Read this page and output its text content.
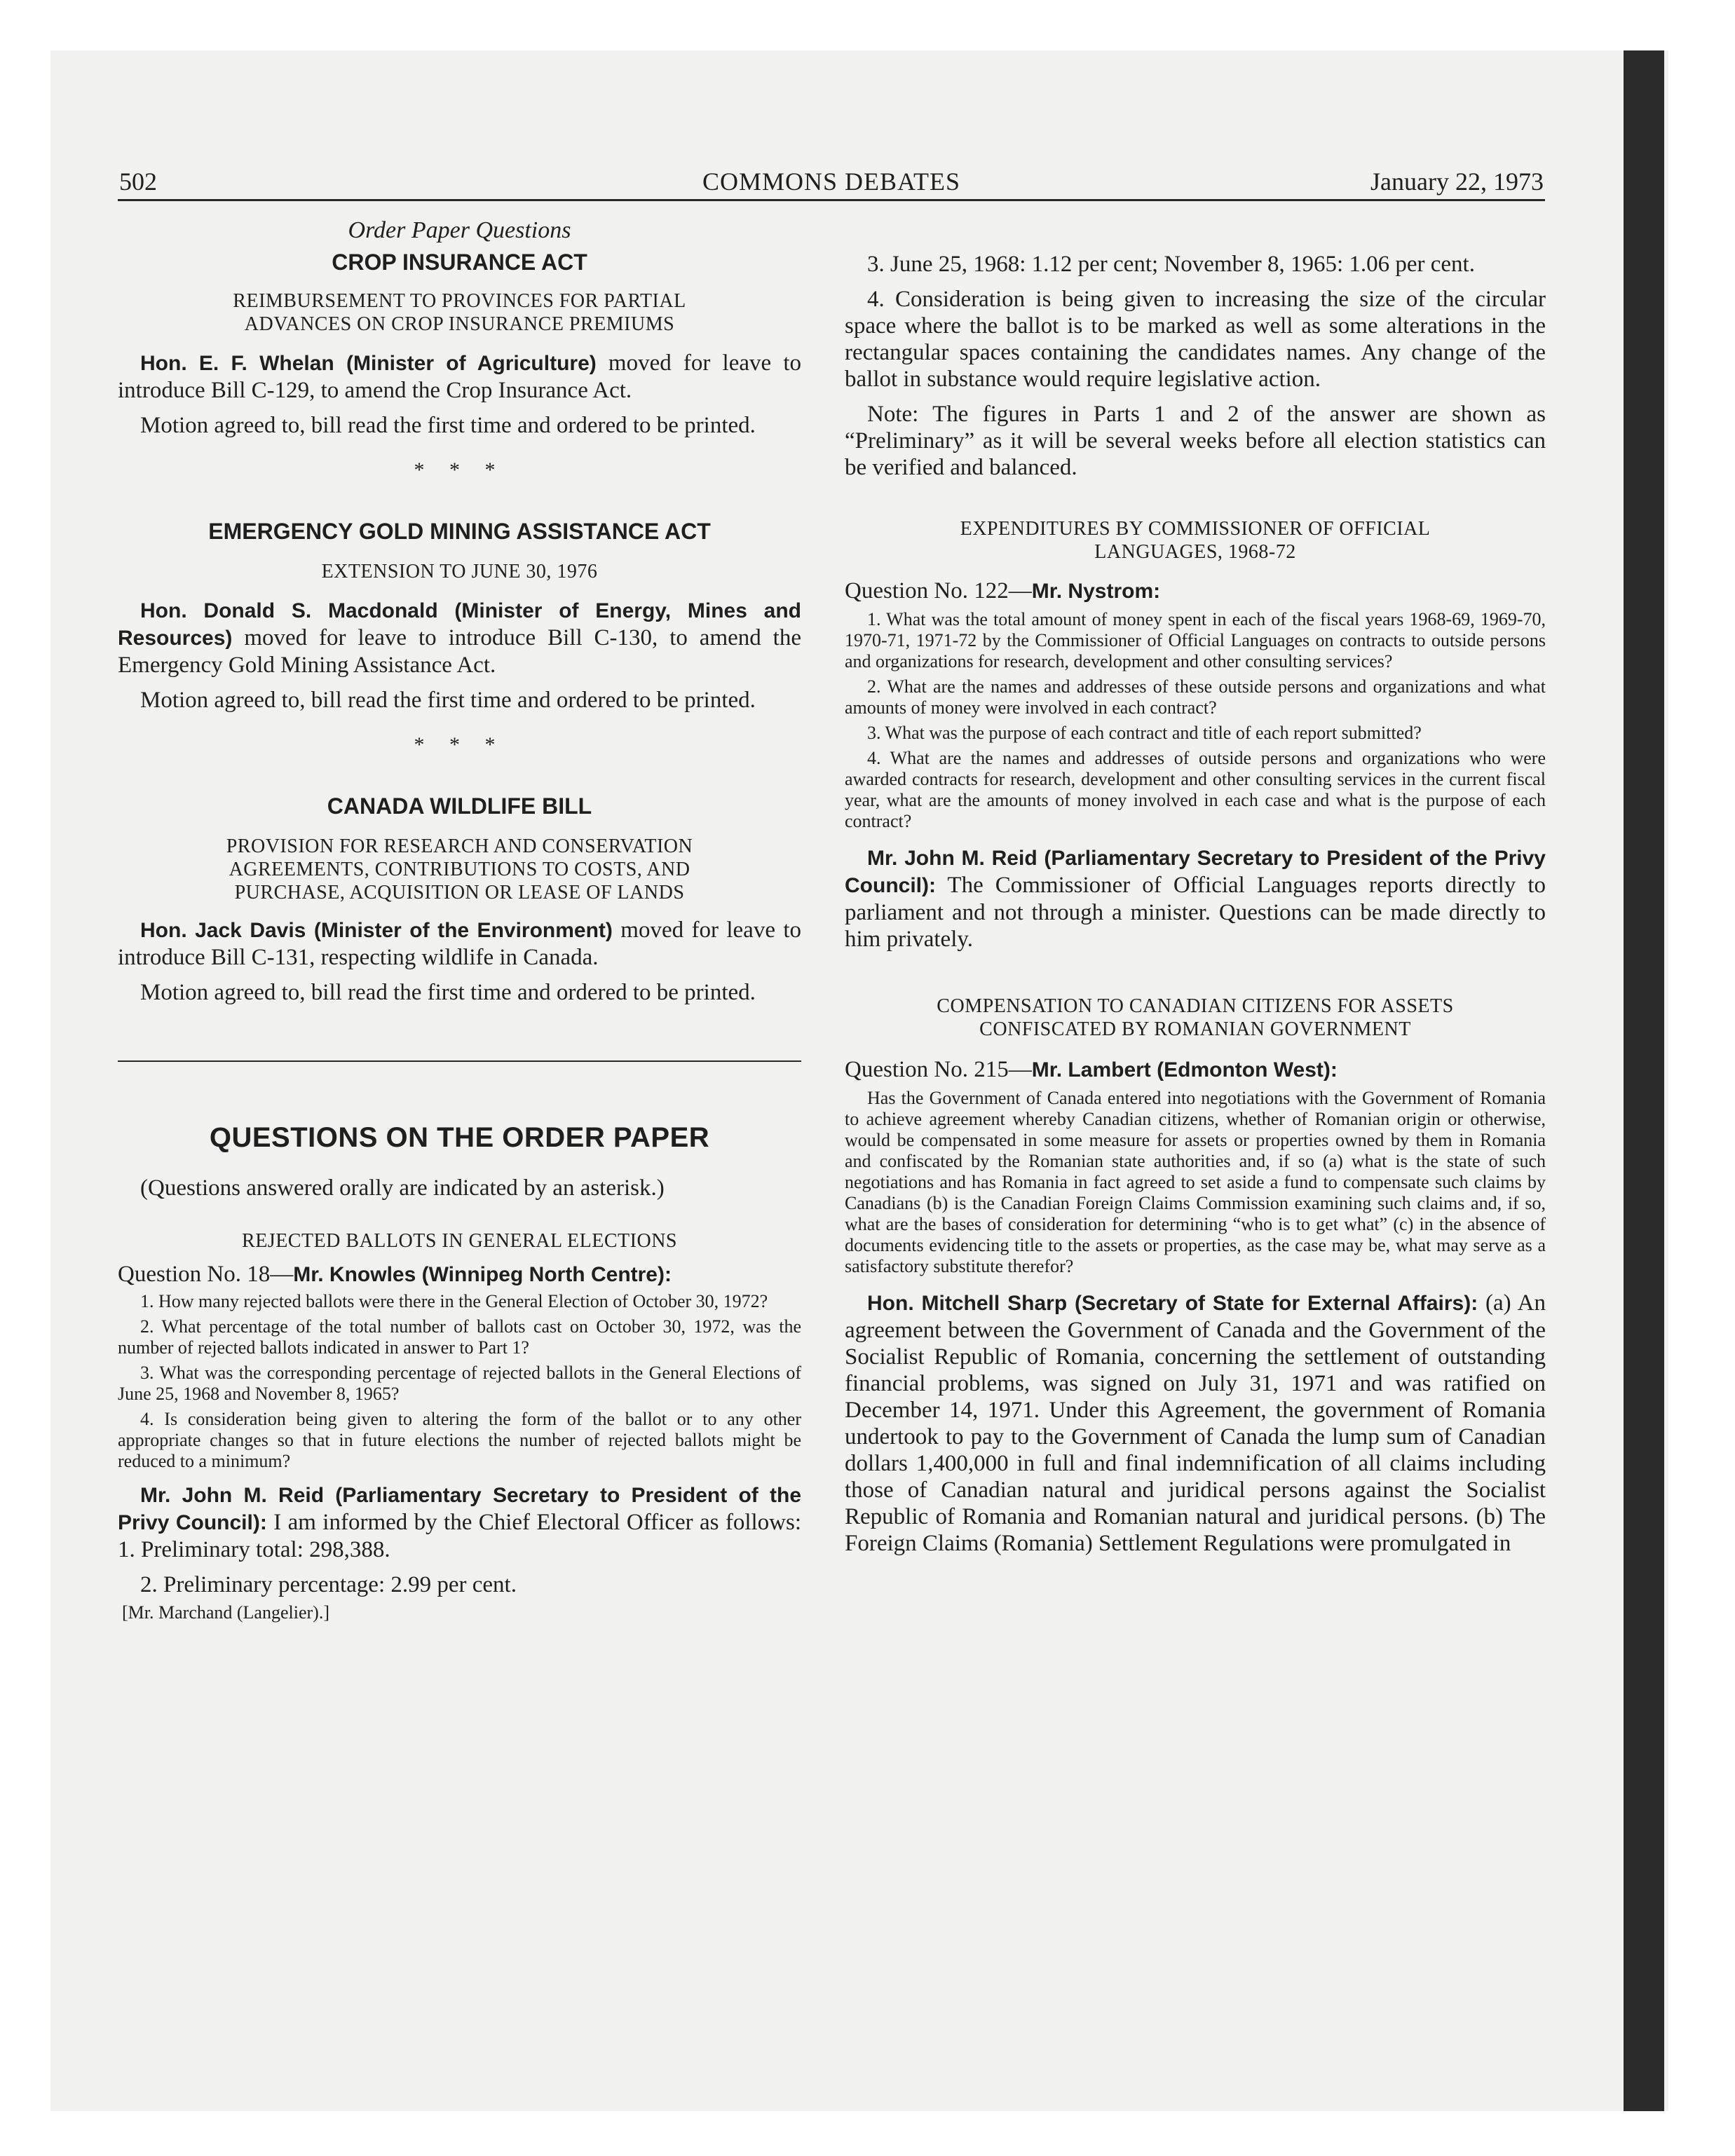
502	COMMONS DEBATES	January 22, 1973

Order Paper Questions

CROP INSURANCE ACT

REIMBURSEMENT TO PROVINCES FOR PARTIAL

ADVANCES ON CROP INSURANCE PREMIUMS

Hon. E. F. Whelan (Minister of Agriculture) moved for leave to introduce Bill C-129, to amend the Crop Insurance Act.

Motion agreed to, bill read the first time and ordered to be printed.

* * *

EMERGENCY GOLD MINING ASSISTANCE ACT

EXTENSION TO JUNE 30, 1976

Hon. Donald S. Macdonald (Minister of Energy, Mines and Resources) moved for leave to introduce Bill C-130, to amend the Emergency Gold Mining Assistance Act.

Motion agreed to, bill read the first time and ordered to be printed.

* * *

CANADA WILDLIFE BILL

PROVISION FOR RESEARCH AND CONSERVATION

AGREEMENTS, CONTRIBUTIONS TO COSTS, AND

PURCHASE, ACQUISITION OR LEASE OF LANDS

Hon. Jack Davis (Minister of the Environment) moved for leave to introduce Bill C-131, respecting wildlife in Canada.

Motion agreed to, bill read the first time and ordered to be printed.

QUESTIONS ON THE ORDER PAPER

(Questions answered orally are indicated by an asterisk.)

REJECTED BALLOTS IN GENERAL ELECTIONS

Question No. 18—Mr. Knowles (Winnipeg North Centre):

1. How many rejected ballots were there in the General Election of October 30, 1972?

2. What percentage of the total number of ballots cast on October 30, 1972, was the number of rejected ballots indicated in answer to Part 1?

3. What was the corresponding percentage of rejected ballots in the General Elections of June 25, 1968 and November 8, 1965?

4. Is consideration being given to altering the form of the ballot or to any other appropriate changes so that in future elections the number of rejected ballots might be reduced to a minimum?

Mr. John M. Reid (Parliamentary Secretary to President of the Privy Council): I am informed by the Chief Electoral Officer as follows: 1. Preliminary total: 298,388.

2. Preliminary percentage: 2.99 per cent.

[Mr. Marchand (Langelier).]

3. June 25, 1968: 1.12 per cent; November 8, 1965: 1.06 per cent.

4. Consideration is being given to increasing the size of the circular space where the ballot is to be marked as well as some alterations in the rectangular spaces containing the candidates names. Any change of the ballot in substance would require legislative action.

Note: The figures in Parts 1 and 2 of the answer are shown as “Preliminary” as it will be several weeks before all election statistics can be verified and balanced.

EXPENDITURES BY COMMISSIONER OF OFFICIAL

LANGUAGES, 1968-72

Question No. 122—Mr. Nystrom:

1. What was the total amount of money spent in each of the fiscal years 1968-69, 1969-70, 1970-71, 1971-72 by the Commissioner of Official Languages on contracts to outside persons and organizations for research, development and other consulting services?

2. What are the names and addresses of these outside persons and organizations and what amounts of money were involved in each contract?

3. What was the purpose of each contract and title of each report submitted?

4. What are the names and addresses of outside persons and organizations who were awarded contracts for research, development and other consulting services in the current fiscal year, what are the amounts of money involved in each case and what is the purpose of each contract?

Mr. John M. Reid (Parliamentary Secretary to President of the Privy Council): The Commissioner of Official Languages reports directly to parliament and not through a minister. Questions can be made directly to him privately.

COMPENSATION TO CANADIAN CITIZENS FOR ASSETS

CONFISCATED BY ROMANIAN GOVERNMENT

Question No. 215—Mr. Lambert (Edmonton West):

Has the Government of Canada entered into negotiations with the Government of Romania to achieve agreement whereby Canadian citizens, whether of Romanian origin or otherwise, would be compensated in some measure for assets or properties owned by them in Romania and confiscated by the Romanian state authorities and, if so (a) what is the state of such negotiations and has Romania in fact agreed to set aside a fund to compensate such claims by Canadians (b) is the Canadian Foreign Claims Commission examining such claims and, if so, what are the bases of consideration for determining “who is to get what” (c) in the absence of documents evidencing title to the assets or properties, as the case may be, what may serve as a satisfactory substitute therefor?

Hon. Mitchell Sharp (Secretary of State for External Affairs): (a) An agreement between the Government of Canada and the Government of the Socialist Republic of Romania, concerning the settlement of outstanding financial problems, was signed on July 31, 1971 and was ratified on December 14, 1971. Under this Agreement, the government of Romania undertook to pay to the Government of Canada the lump sum of Canadian dollars 1,400,000 in full and final indemnification of all claims including those of Canadian natural and juridical persons against the Socialist Republic of Romania and Romanian natural and juridical persons. (b) The Foreign Claims (Romania) Settlement Regulations were promulgated in
